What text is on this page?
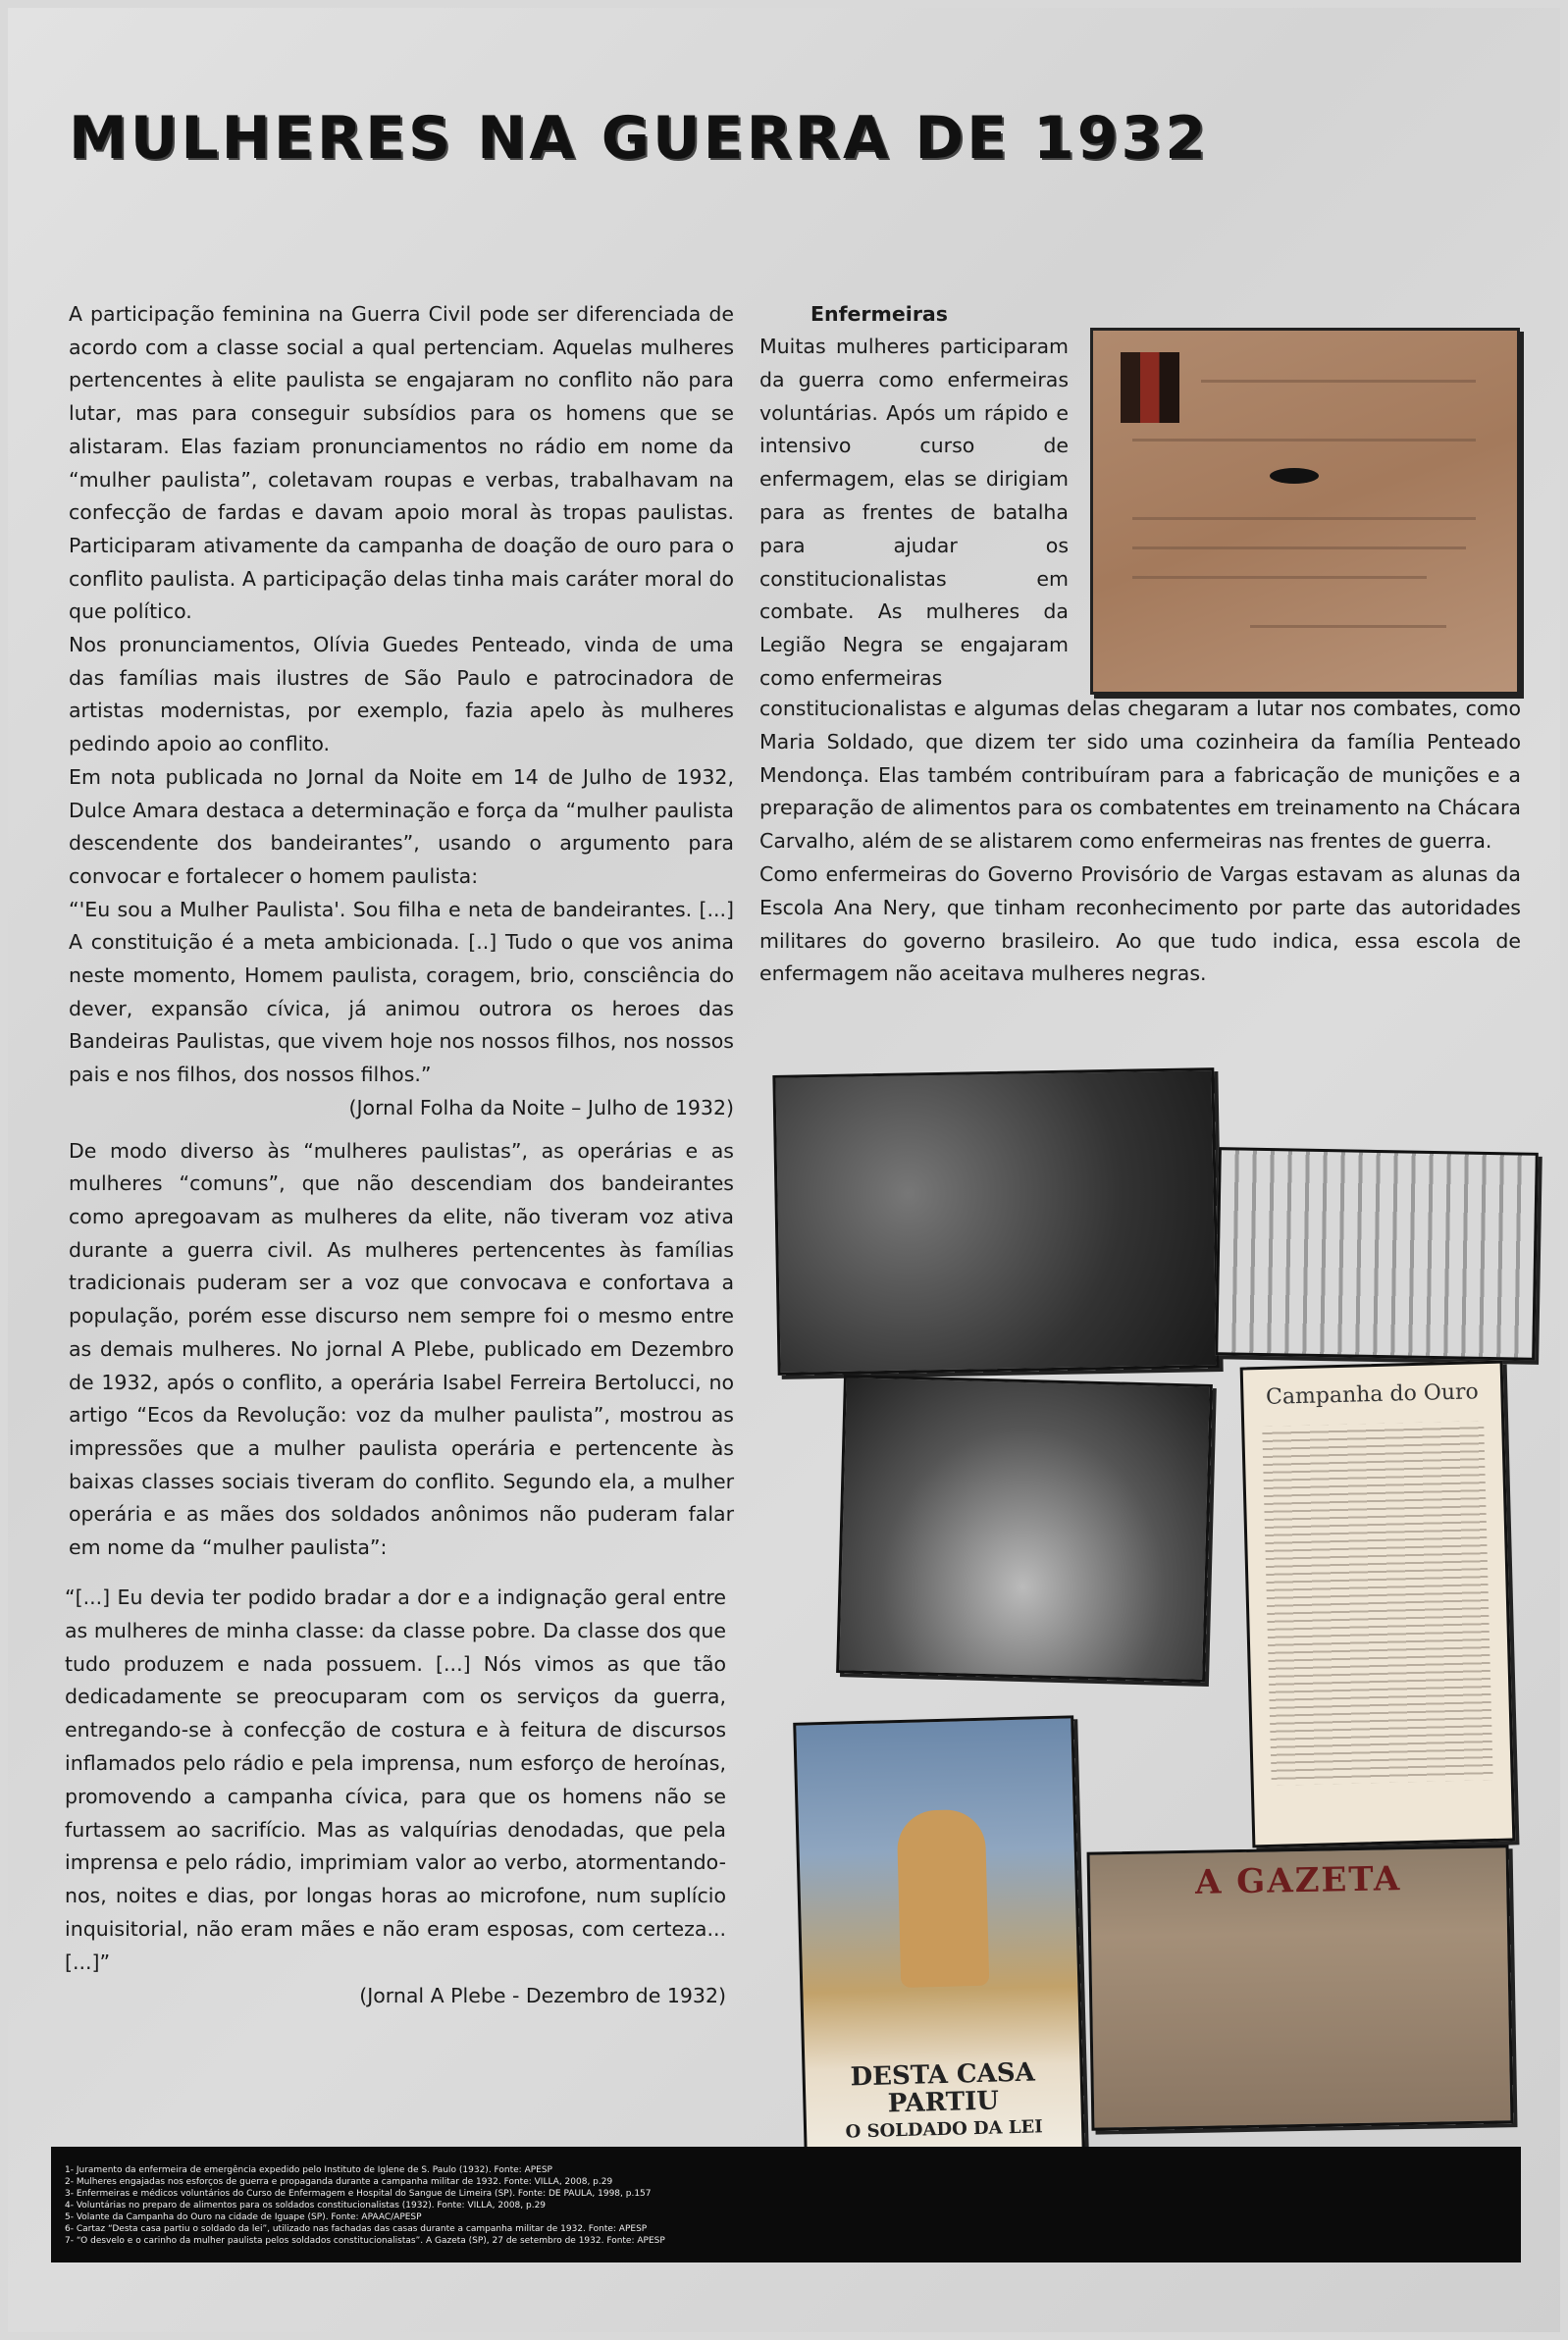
MULHERES NA GUERRA DE 1932

A participação feminina na Guerra Civil pode ser diferenciada de acordo com a classe social a qual pertenciam. Aquelas mulheres pertencentes à elite paulista se engajaram no conflito não para lutar, mas para conseguir subsídios para os homens que se alistaram. Elas faziam pronunciamentos no rádio em nome da “mulher paulista”, coletavam roupas e verbas, trabalhavam na confecção de fardas e davam apoio moral às tropas paulistas. Participaram ativamente da campanha de doação de ouro para o conflito paulista. A participação delas tinha mais caráter moral do que político.

Nos pronunciamentos, Olívia Guedes Penteado, vinda de uma das famílias mais ilustres de São Paulo e patrocinadora de artistas modernistas, por exemplo, fazia apelo às mulheres pedindo apoio ao conflito.

Em nota publicada no Jornal da Noite em 14 de Julho de 1932, Dulce Amara destaca a determinação e força da “mulher paulista descendente dos bandeirantes”, usando o argumento para convocar e fortalecer o homem paulista:

“'Eu sou a Mulher Paulista'. Sou filha e neta de bandeirantes. [...] A constituição é a meta ambicionada. [..] Tudo o que vos anima neste momento, Homem paulista, coragem, brio, consciência do dever, expansão cívica, já animou outrora os heroes das Bandeiras Paulistas, que vivem hoje nos nossos filhos, nos nossos pais e nos filhos, dos nossos filhos.”

(Jornal Folha da Noite – Julho de 1932)

De modo diverso às “mulheres paulistas”, as operárias e as mulheres “comuns”, que não descendiam dos bandeirantes como apregoavam as mulheres da elite, não tiveram voz ativa durante a guerra civil. As mulheres pertencentes às famílias tradicionais puderam ser a voz que convocava e confortava a população, porém esse discurso nem sempre foi o mesmo entre as demais mulheres. No jornal A Plebe, publicado em Dezembro de 1932, após o conflito, a operária Isabel Ferreira Bertolucci, no artigo “Ecos da Revolução: voz da mulher paulista”, mostrou as impressões que a mulher paulista operária e pertencente às baixas classes sociais tiveram do conflito. Segundo ela, a mulher operária e as mães dos soldados anônimos não puderam falar em nome da “mulher paulista”:

“[...] Eu devia ter podido bradar a dor e a indignação geral entre as mulheres de minha classe: da classe pobre. Da classe dos que tudo produzem e nada possuem. [...] Nós vimos as que tão dedicadamente se preocuparam com os serviços da guerra, entregando-se à confecção de costura e à feitura de discursos inflamados pelo rádio e pela imprensa, num esforço de heroínas, promovendo a campanha cívica, para que os homens não se furtassem ao sacrifício. Mas as valquírias denodadas, que pela imprensa e pelo rádio, imprimiam valor ao verbo, atormentando-nos, noites e dias, por longas horas ao microfone, num suplício inquisitorial, não eram mães e não eram esposas, com certeza...[...]”

(Jornal A Plebe - Dezembro de 1932)

Enfermeiras

Muitas mulheres participaram da guerra como enfermeiras voluntárias. Após um rápido e intensivo curso de enfermagem, elas se dirigiam para as frentes de batalha para ajudar os constitucionalistas em combate. As mulheres da Legião Negra se engajaram como enfermeiras

constitucionalistas e algumas delas chegaram a lutar nos combates, como Maria Soldado, que dizem ter sido uma cozinheira da família Penteado Mendonça. Elas também contribuíram para a fabricação de munições e a preparação de alimentos para os combatentes em treinamento na Chácara Carvalho, além de se alistarem como enfermeiras nas frentes de guerra.

Como enfermeiras do Governo Provisório de Vargas estavam as alunas da Escola Ana Nery, que tinham reconhecimento por parte das autoridades militares do governo brasileiro. Ao que tudo indica, essa escola de enfermagem não aceitava mulheres negras.

Campanha do Ouro
DESTA CASA
PARTIU
O SOLDADO DA LEI
A GAZETA
1- Juramento da enfermeira de emergência expedido pelo Instituto de Iglene de S. Paulo (1932). Fonte: APESP
2- Mulheres engajadas nos esforços de guerra e propaganda durante a campanha militar de 1932. Fonte: VILLA, 2008, p.29
3- Enfermeiras e médicos voluntários do Curso de Enfermagem e Hospital do Sangue de Limeira (SP). Fonte: DE PAULA, 1998, p.157
4- Voluntárias no preparo de alimentos para os soldados constitucionalistas (1932). Fonte: VILLA, 2008, p.29
5- Volante da Campanha do Ouro na cidade de Iguape (SP). Fonte: APAAC/APESP
6- Cartaz “Desta casa partiu o soldado da lei”, utilizado nas fachadas das casas durante a campanha militar de 1932. Fonte: APESP
7- “O desvelo e o carinho da mulher paulista pelos soldados constitucionalistas”. A Gazeta (SP), 27 de setembro de 1932. Fonte: APESP
